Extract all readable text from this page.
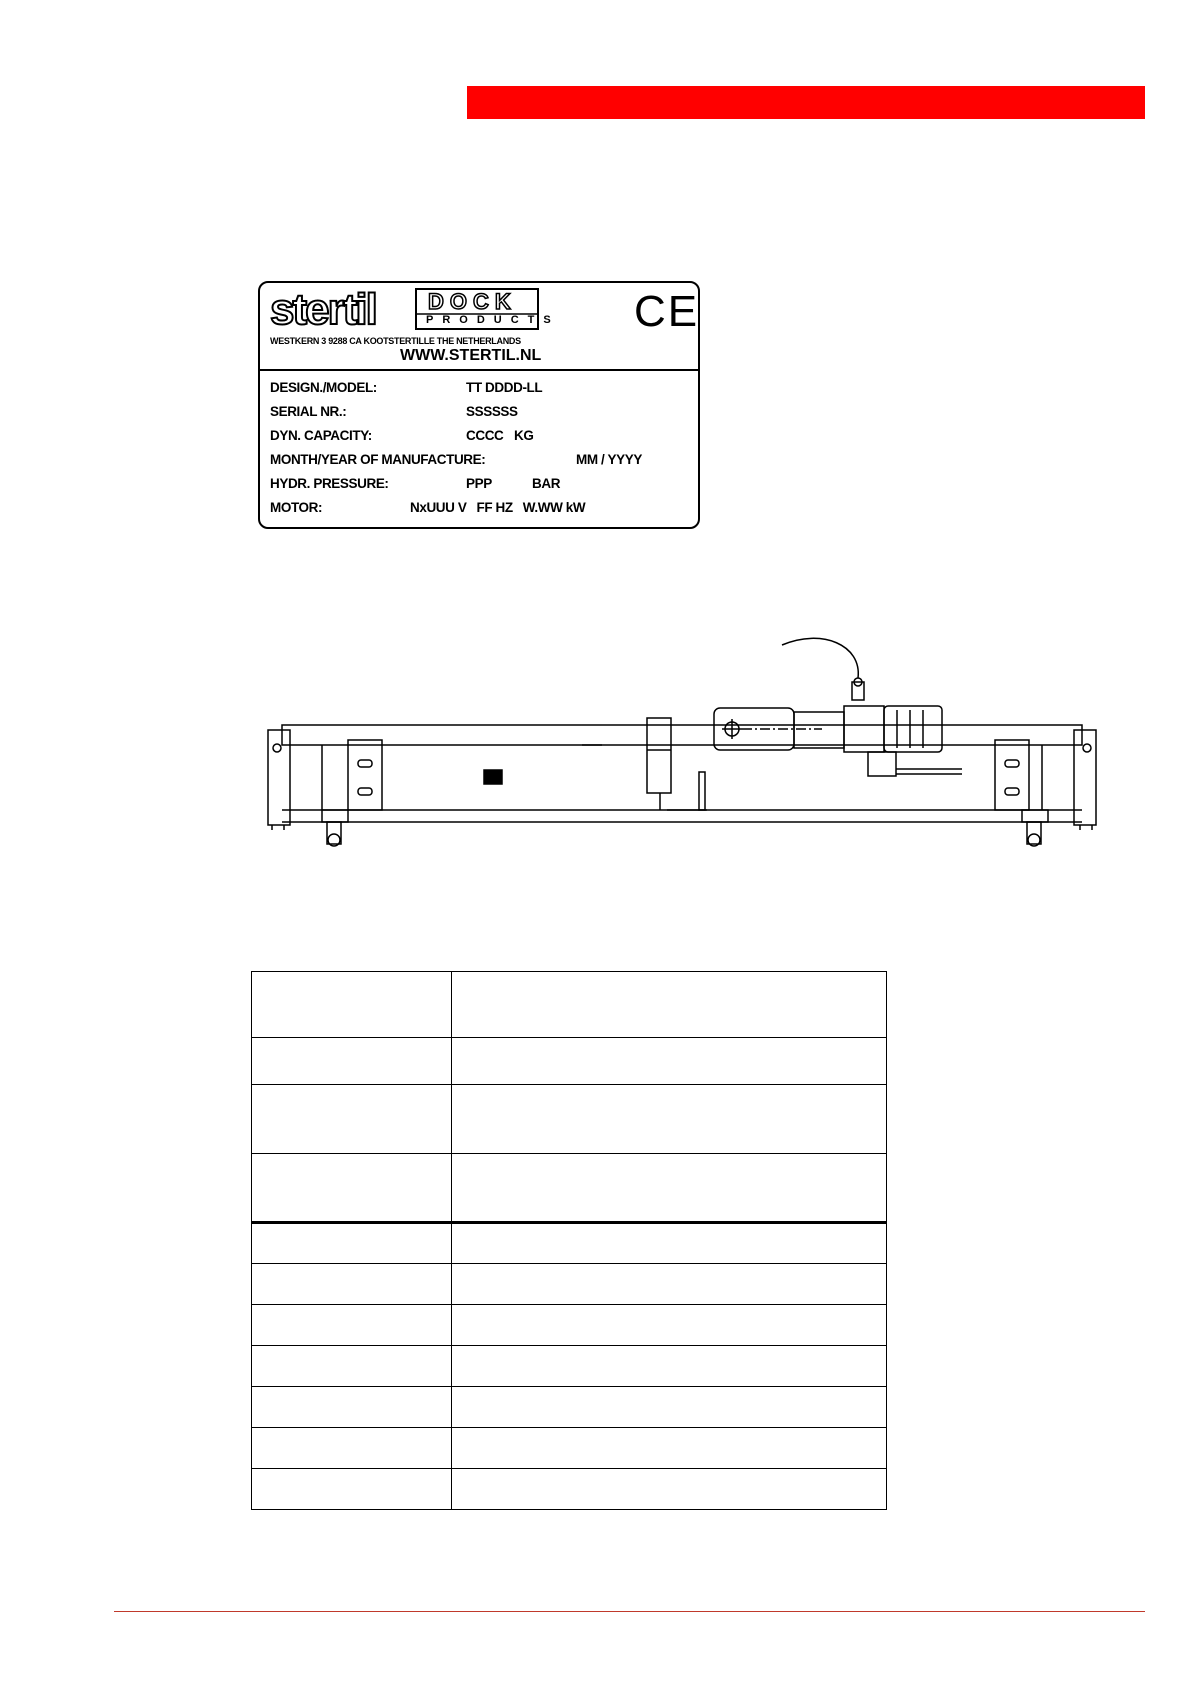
stertil DOCK
PRODUCTS CE
WESTKERN 3 9288 CA KOOTSTERTILLE THE NETHERLANDS
WWW.STERTIL.NL
DESIGN./MODEL:	TT DDDD-LL
SERIAL NR.:	SSSSSS
DYN. CAPACITY:	CCCC KG
MONTH/YEAR OF MANUFACTURE:	MM / YYYY
HYDR. PRESSURE:	PPP	BAR
MOTOR:	NxUUU V   FF HZ   W.WW kW
